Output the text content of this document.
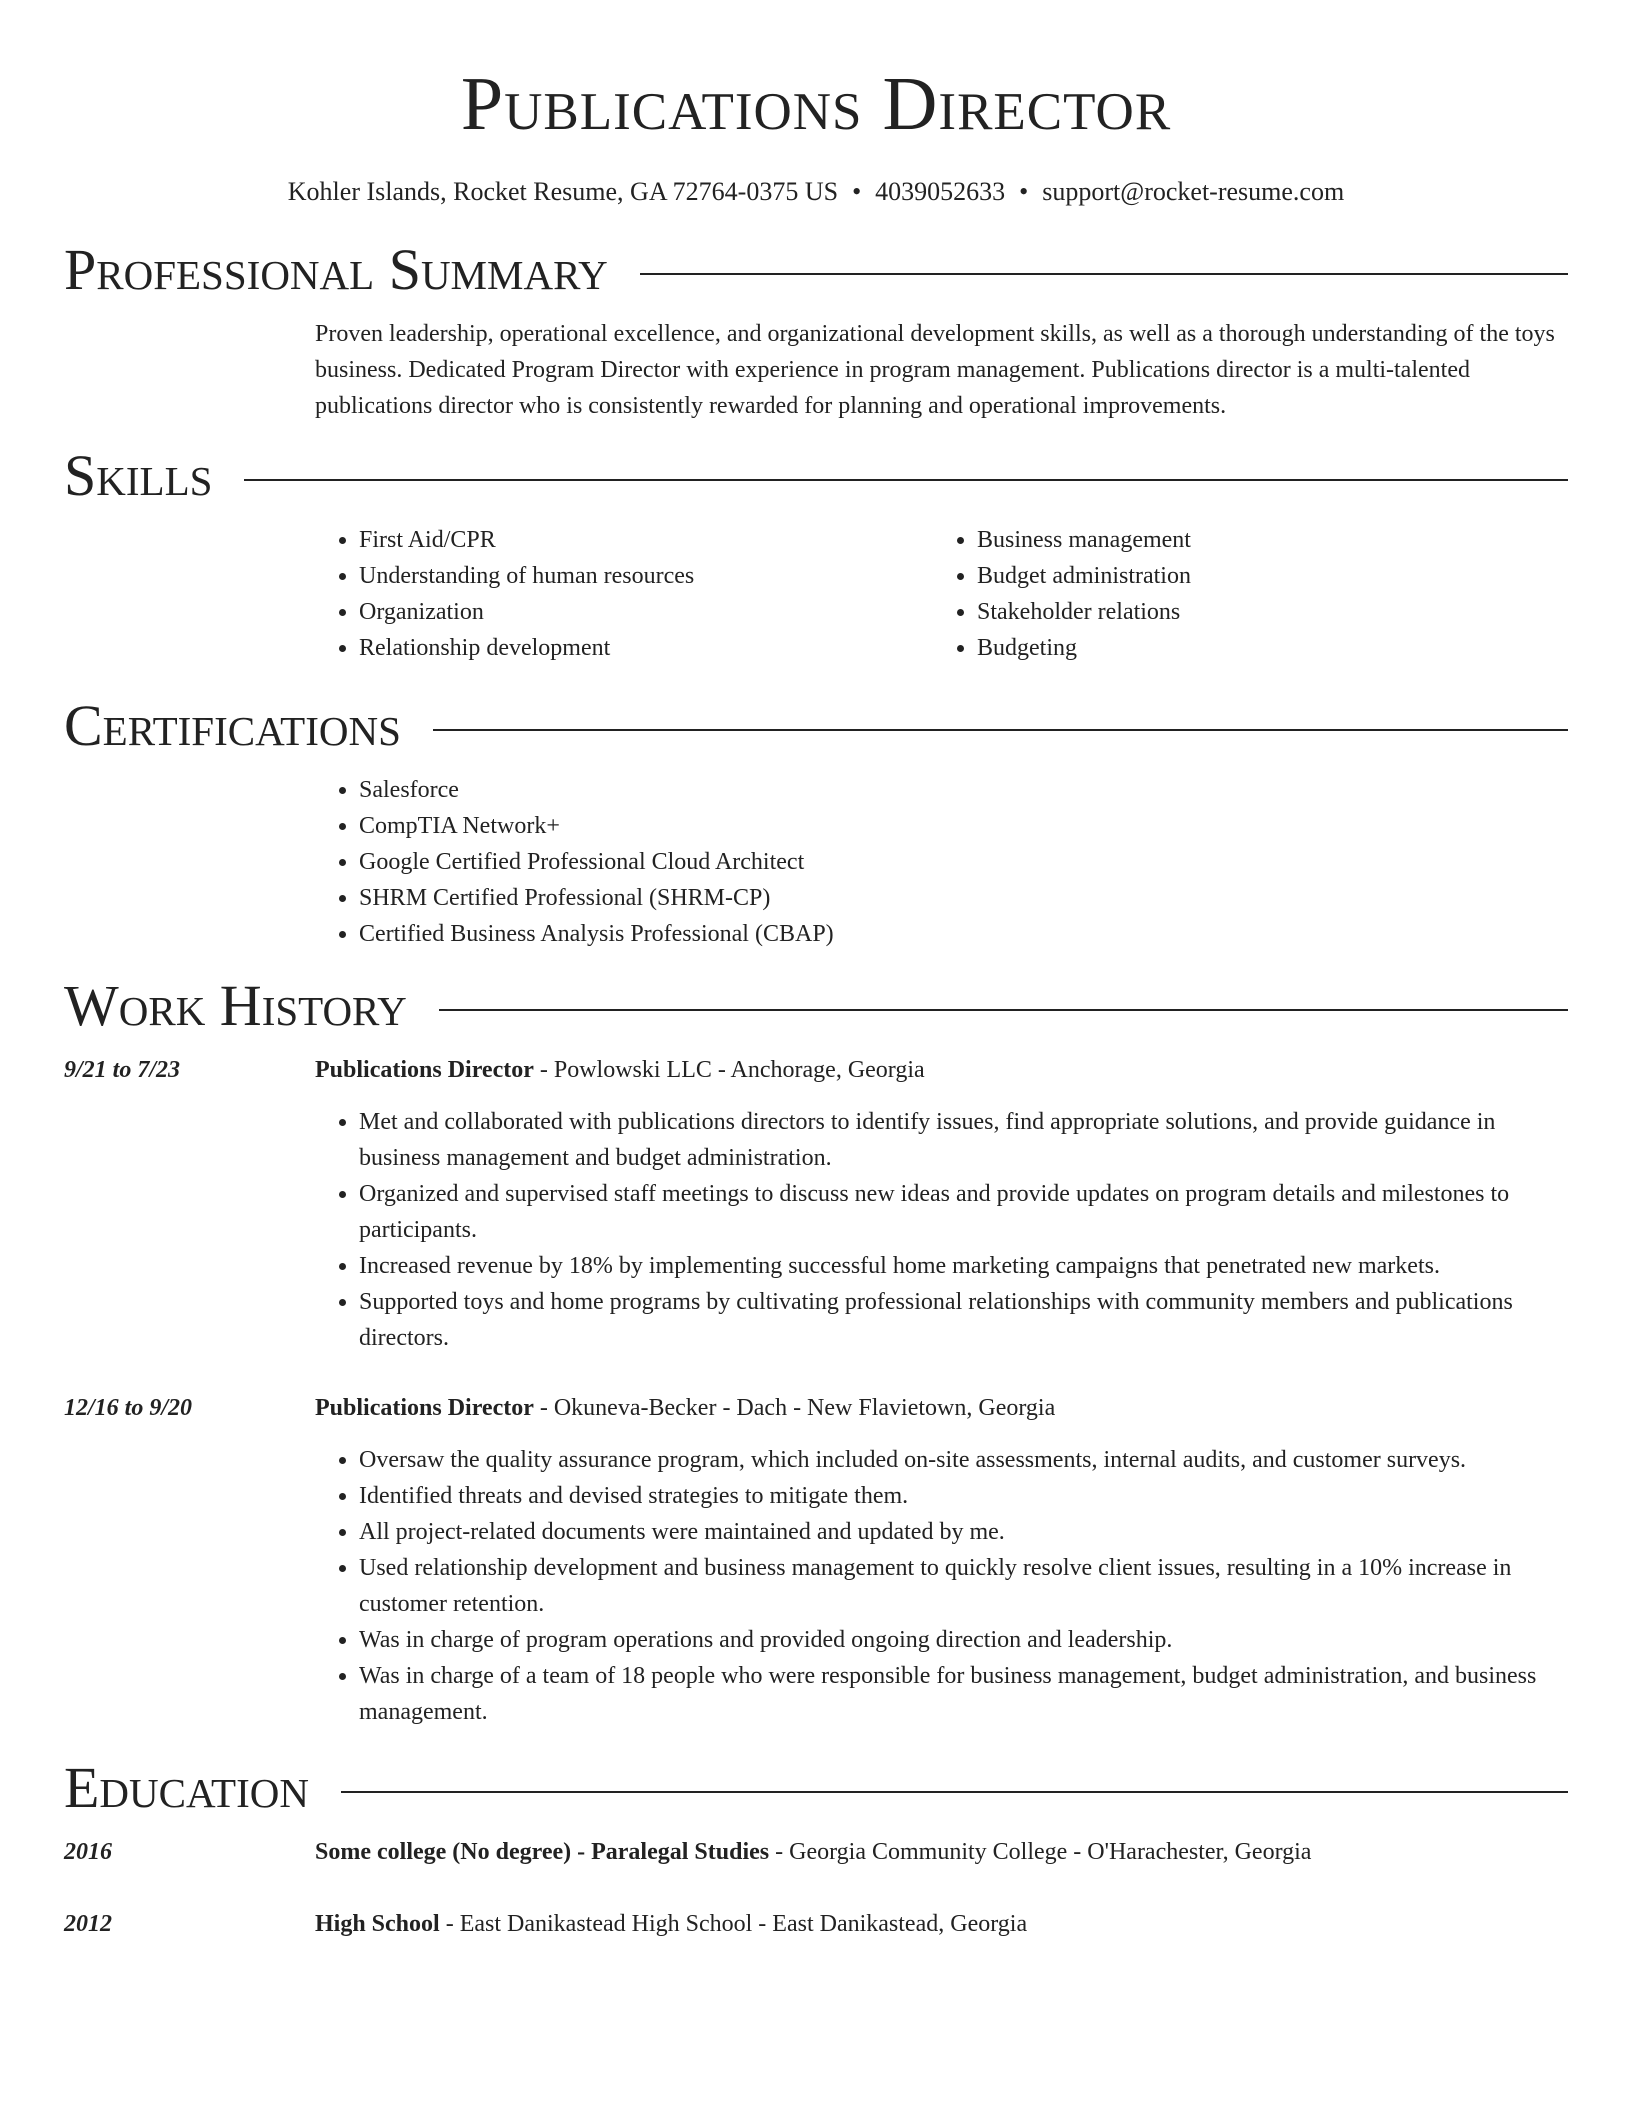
Publications Director
Kohler Islands, Rocket Resume, GA 72764-0375 US • 4039052633 • support@rocket-resume.com
Professional Summary
Proven leadership, operational excellence, and organizational development skills, as well as a thorough understanding of the toys business. Dedicated Program Director with experience in program management. Publications director is a multi-talented publications director who is consistently rewarded for planning and operational improvements.
Skills
• First Aid/CPR
• Understanding of human resources
• Organization
• Relationship development
• Business management
• Budget administration
• Stakeholder relations
• Budgeting
Certifications
• Salesforce
• CompTIA Network+
• Google Certified Professional Cloud Architect
• SHRM Certified Professional (SHRM-CP)
• Certified Business Analysis Professional (CBAP)
Work History
9/21 to 7/23	Publications Director - Powlowski LLC - Anchorage, Georgia
• Met and collaborated with publications directors to identify issues, find appropriate solutions, and provide guidance in business management and budget administration.
• Organized and supervised staff meetings to discuss new ideas and provide updates on program details and milestones to participants.
• Increased revenue by 18% by implementing successful home marketing campaigns that penetrated new markets.
• Supported toys and home programs by cultivating professional relationships with community members and publications directors.
12/16 to 9/20	Publications Director - Okuneva-Becker - Dach - New Flavietown, Georgia
• Oversaw the quality assurance program, which included on-site assessments, internal audits, and customer surveys.
• Identified threats and devised strategies to mitigate them.
• All project-related documents were maintained and updated by me.
• Used relationship development and business management to quickly resolve client issues, resulting in a 10% increase in customer retention.
• Was in charge of program operations and provided ongoing direction and leadership.
• Was in charge of a team of 18 people who were responsible for business management, budget administration, and business management.
Education
2016	Some college (No degree) - Paralegal Studies - Georgia Community College - O'Harachester, Georgia
2012	High School - East Danikastead High School - East Danikastead, Georgia
